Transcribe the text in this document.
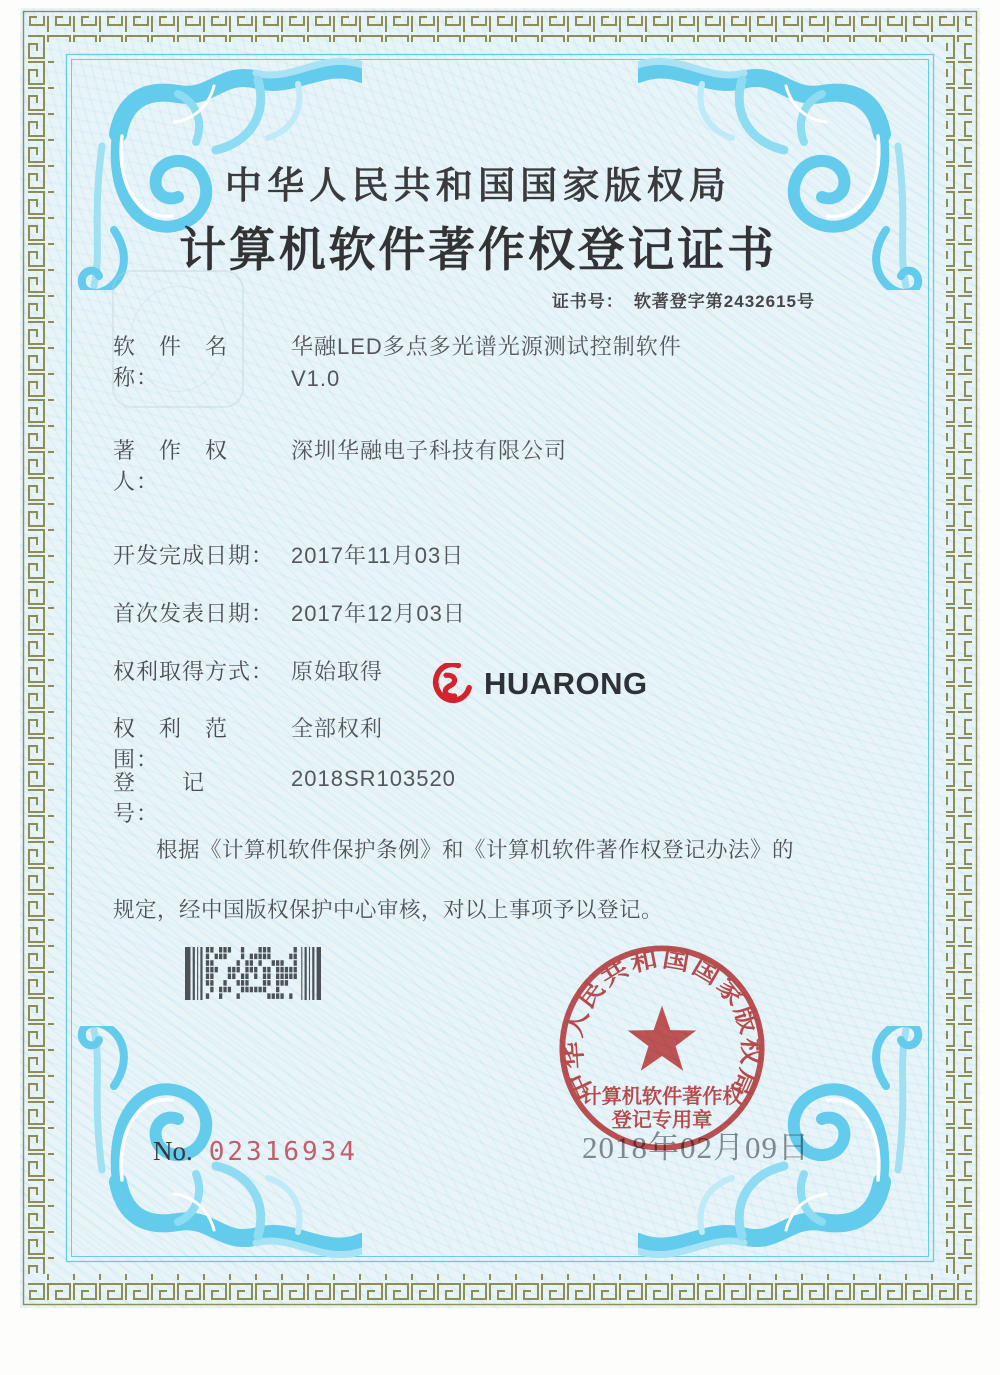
中华人民共和国国家版权局
计算机软件著作权登记证书
证书号： 软著登字第2432615号
软　件　名　称：
华融LED多点多光谱光源测试控制软件
V1.0
著　作　权　人：
深圳华融电子科技有限公司
开发完成日期： 2017年11月03日
首次发表日期： 2017年12月03日
权利取得方式： 原始取得
权　利　范　围：
全部权利
登　　记　　号：
2018SR103520
根据《计算机软件保护条例》和《计算机软件著作权登记办法》的
规定，经中国版权保护中心审核，对以上事项予以登记。
HUARONG
No. 02316934
中华人民共和国国家版权局
计算机软件著作权
登记专用章
2018年02月09日
